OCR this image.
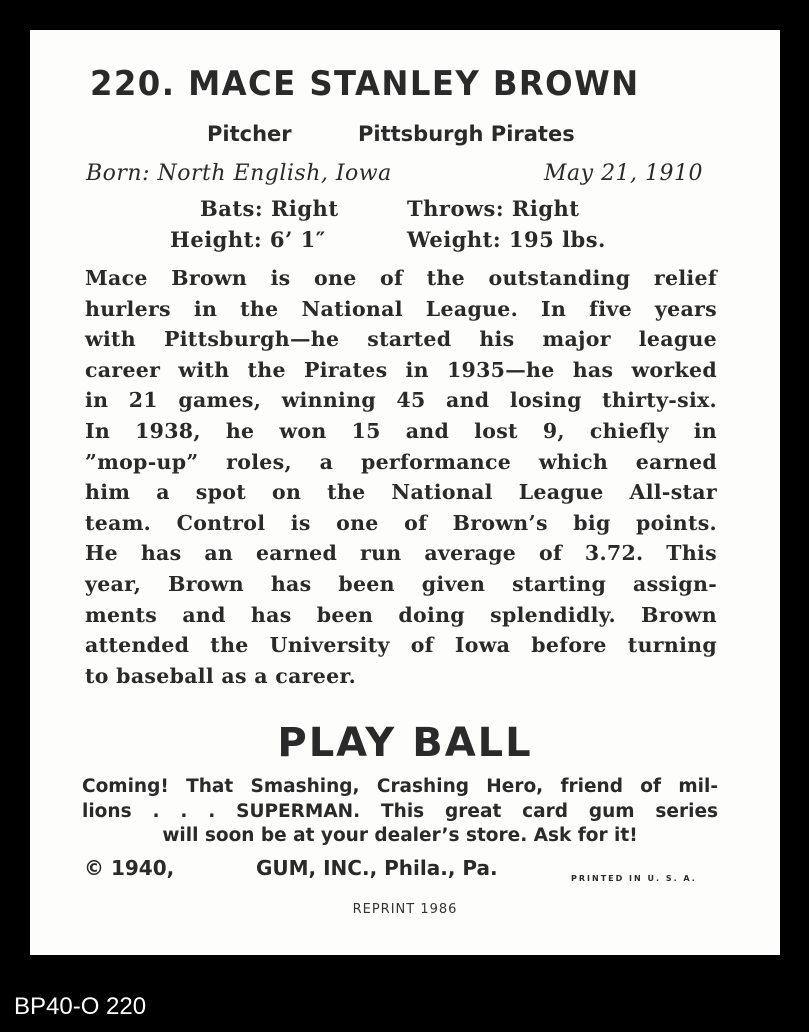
220. MACE STANLEY BROWN
Pitcher	Pittsburgh Pirates
Born: North English, Iowa	May 21, 1910
Bats: Right	Throws: Right
Height: 6’ 1″	Weight: 195 lbs.
Mace Brown is one of the outstanding relief
hurlers in the National League. In five years
with Pittsburgh—he started his major league
career with the Pirates in 1935—he has worked
in 21 games, winning 45 and losing thirty-six.
In 1938, he won 15 and lost 9, chiefly in
”mop-up” roles, a performance which earned
him a spot on the National League All-star
team. Control is one of Brown’s big points.
He has an earned run average of 3.72. This
year, Brown has been given starting assign-
ments and has been doing splendidly. Brown
attended the University of Iowa before turning
to baseball as a career.
PLAY BALL
Coming! That Smashing, Crashing Hero, friend of mil-
lions . . . SUPERMAN. This great card gum series
will soon be at your dealer’s store. Ask for it!
© 1940,	GUM, INC., Phila., Pa.	PRINTED IN U. S. A.
REPRINT 1986
BP40-O 220
